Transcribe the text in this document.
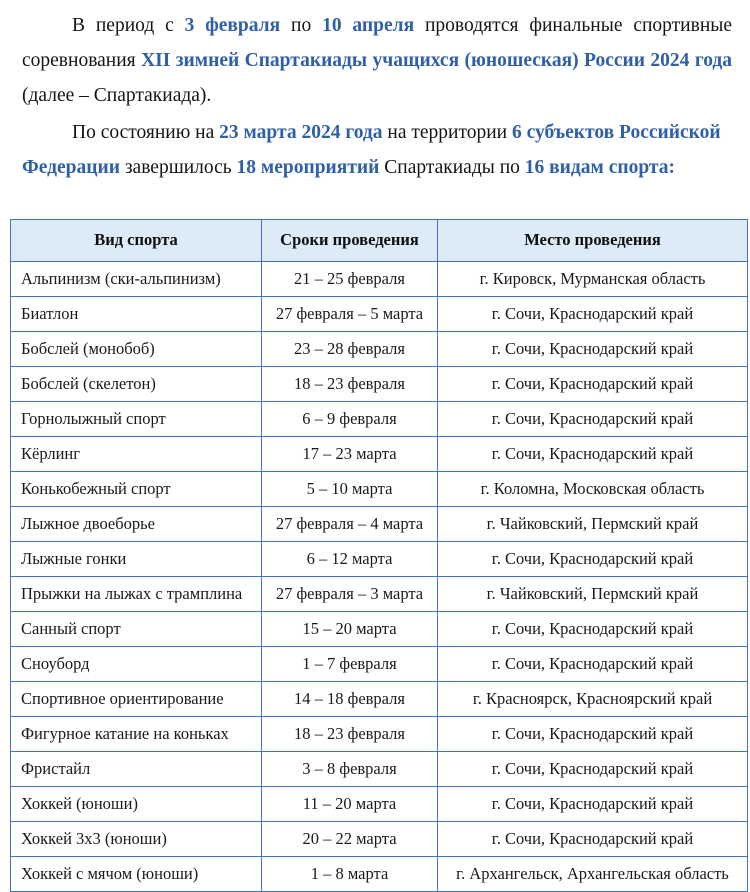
В период с 3 февраля по 10 апреля проводятся финальные спортивные соревнования XII зимней Спартакиады учащихся (юношеская) России 2024 года (далее – Спартакиада).

По состоянию на 23 марта 2024 года на территории 6 субъектов Российской Федерации завершилось 18 мероприятий Спартакиады по 16 видам спорта:

Вид спорта	Сроки проведения	Место проведения
Альпинизм (ски-альпинизм)	21 – 25 февраля	г. Кировск, Мурманская область
Биатлон	27 февраля – 5 марта	г. Сочи, Краснодарский край
Бобслей (монобоб)	23 – 28 февраля	г. Сочи, Краснодарский край
Бобслей (скелетон)	18 – 23 февраля	г. Сочи, Краснодарский край
Горнолыжный спорт	6 – 9 февраля	г. Сочи, Краснодарский край
Кёрлинг	17 – 23 марта	г. Сочи, Краснодарский край
Конькобежный спорт	5 – 10 марта	г. Коломна, Московская область
Лыжное двоеборье	27 февраля – 4 марта	г. Чайковский, Пермский край
Лыжные гонки	6 – 12 марта	г. Сочи, Краснодарский край
Прыжки на лыжах с трамплина	27 февраля – 3 марта	г. Чайковский, Пермский край
Санный спорт	15 – 20 марта	г. Сочи, Краснодарский край
Сноуборд	1 – 7 февраля	г. Сочи, Краснодарский край
Спортивное ориентирование	14 – 18 февраля	г. Красноярск, Красноярский край
Фигурное катание на коньках	18 – 23 февраля	г. Сочи, Краснодарский край
Фристайл	3 – 8 февраля	г. Сочи, Краснодарский край
Хоккей (юноши)	11 – 20 марта	г. Сочи, Краснодарский край
Хоккей 3х3 (юноши)	20 – 22 марта	г. Сочи, Краснодарский край
Хоккей с мячом (юноши)	1 – 8 марта	г. Архангельск, Архангельская область
